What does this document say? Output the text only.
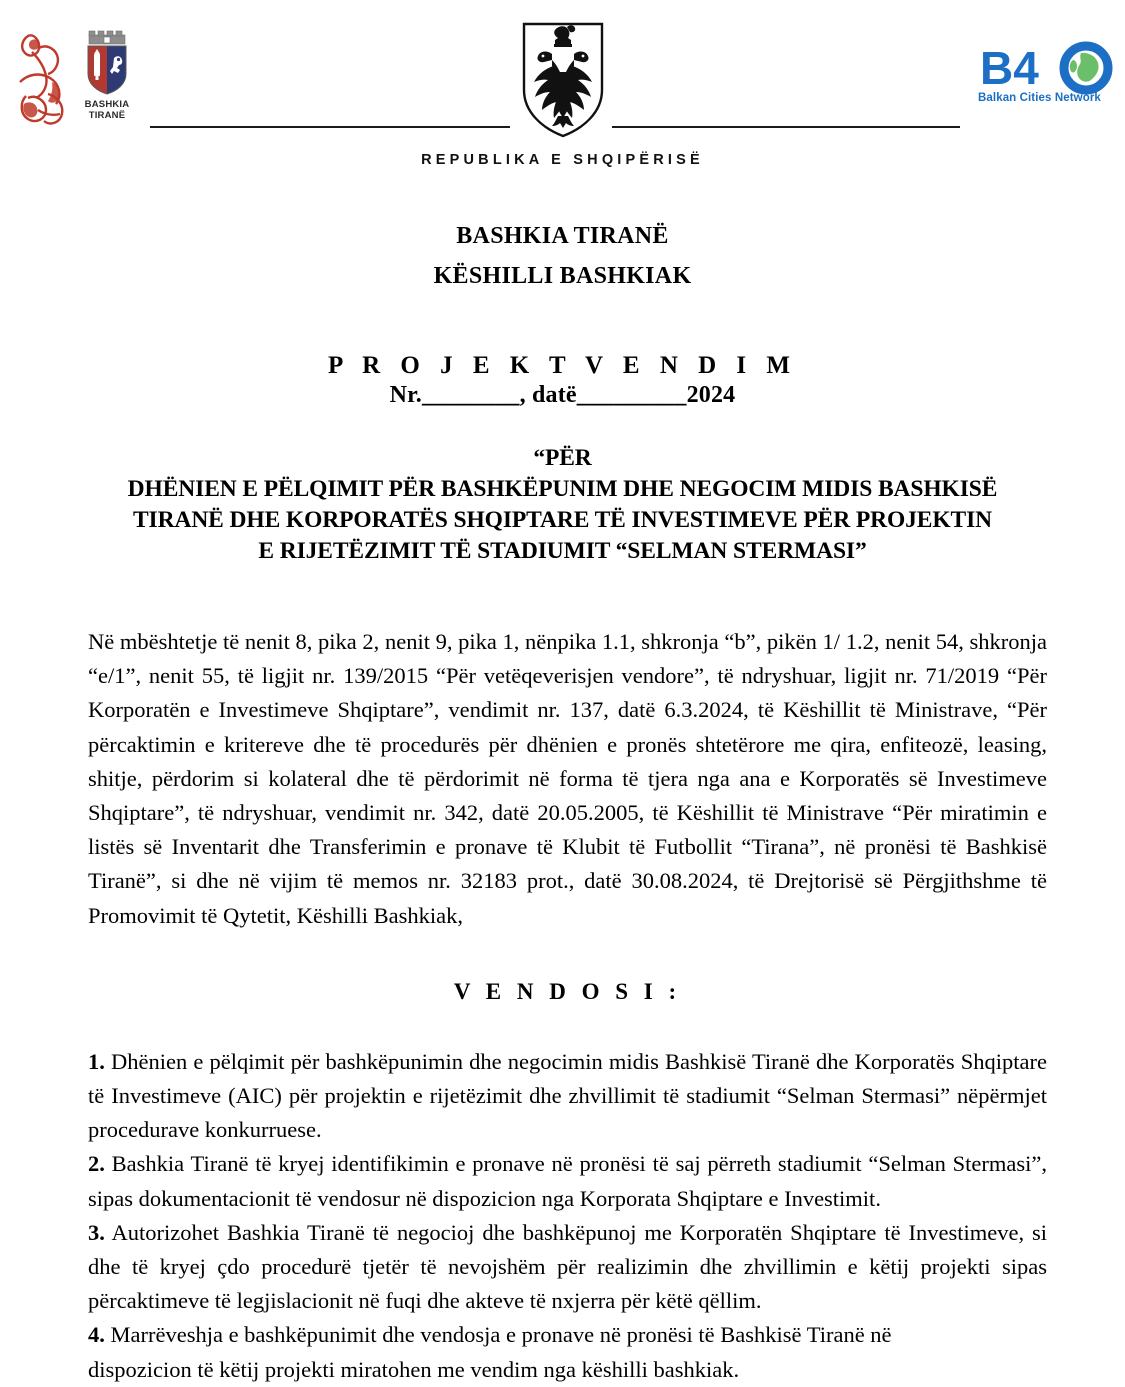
BASHKIA
TIRANË
B4
Balkan Cities Network
REPUBLIKA E SHQIPËRISË
BASHKIA TIRANË
KËSHILLI BASHKIAK
P R O J E K T V E N D I M
Nr.________, datë_________2024
“PËR
DHËNIEN E PËLQIMIT PËR BASHKËPUNIM DHE NEGOCIM MIDIS BASHKISË
TIRANË DHE KORPORATËS SHQIPTARE TË INVESTIMEVE PËR PROJEKTIN
E RIJETËZIMIT TË STADIUMIT “SELMAN STERMASI”

Në mbështetje të nenit 8, pika 2, nenit 9, pika 1, nënpika 1.1, shkronja “b”, pikën 1/ 1.2, nenit 54, shkronja “e/1”, nenit 55, të ligjit nr. 139/2015 “Për vetëqeverisjen vendore”, të ndryshuar, ligjit nr. 71/2019 “Për Korporatën e Investimeve Shqiptare”, vendimit nr. 137, datë 6.3.2024, të Këshillit të Ministrave, “Për përcaktimin e kritereve dhe të procedurës për dhënien e pronës shtetërore me qira, enfiteozë, leasing, shitje, përdorim si kolateral dhe të përdorimit në forma të tjera nga ana e Korporatës së Investimeve Shqiptare”, të ndryshuar, vendimit nr. 342, datë 20.05.2005, të Këshillit të Ministrave “Për miratimin e listës së Inventarit dhe Transferimin e pronave të Klubit të Futbollit “Tirana”, në pronësi të Bashkisë Tiranë”, si dhe në vijim të memos nr. 32183 prot., datë 30.08.2024, të Drejtorisë së Përgjithshme të Promovimit të Qytetit, Këshilli Bashkiak,

V E N D O S I :
1. Dhënien e pëlqimit për bashkëpunimin dhe negocimin midis Bashkisë Tiranë dhe Korporatës Shqiptare të Investimeve (AIC) për projektin e rijetëzimit dhe zhvillimit të stadiumit “Selman Stermasi” nëpërmjet procedurave konkurruese.
2. Bashkia Tiranë të kryej identifikimin e pronave në pronësi të saj përreth stadiumit “Selman Stermasi”, sipas dokumentacionit të vendosur në dispozicion nga Korporata Shqiptare e Investimit.
3. Autorizohet Bashkia Tiranë të negocioj dhe bashkëpunoj me Korporatën Shqiptare të Investimeve, si dhe të kryej çdo procedurë tjetër të nevojshëm për realizimin dhe zhvillimin e këtij projekti sipas përcaktimeve të legjislacionit në fuqi dhe akteve të nxjerra për këtë qëllim.
4. Marrëveshja e bashkëpunimit dhe vendosja e pronave në pronësi të Bashkisë Tiranë në
dispozicion të këtij projekti miratohen me vendim nga këshilli bashkiak.
